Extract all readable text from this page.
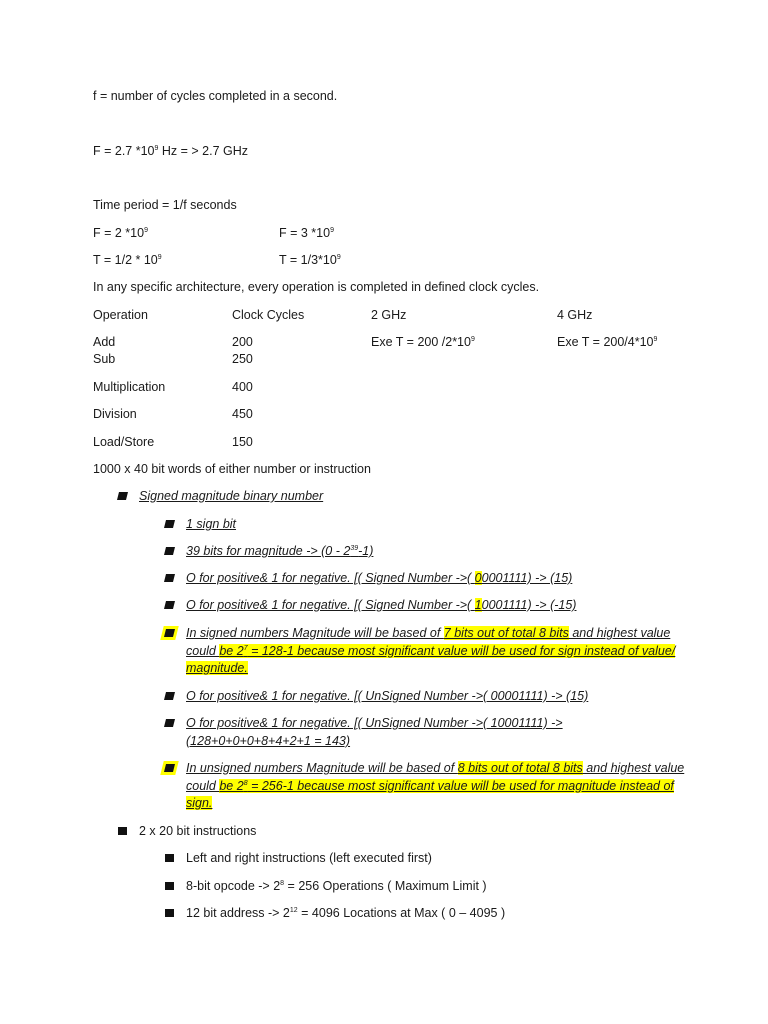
f = number of cycles completed in a second.
F = 2.7 $*10^9$ Hz = > 2.7 GHz
Time period = 1/f seconds
F = 2 $*10^9$	F = 3 $*10^9$
$T = 1/2 * 10^9$	$T = 1/3*10^9$
In any specific architecture, every operation is completed in defined clock cycles.
Operation	Clock Cycles	2 GHz	4 GHz
Add	200	Exe T = 200 $/2*10^9$	Exe $T = 200/4*10^9$
Sub	250
Multiplication	400
Division	450
Load/Store	150
1000 x 40 bit words of either number or instruction
Signed magnitude binary number
1 sign bit
39 bits for magnitude -> $(0 - 2^{39}-1)$
O for positive& 1 for negative. [( Signed Number ->( 00001111) -> (15)
O for positive& 1 for negative. [( Signed Number ->( 10001111) -> (-15)
In signed numbers Magnitude will be based of 7 bits out of total 8 bits and highest value could be $2^7 = 128-1$ because most significant value will be used for sign instead of value/ magnitude.
O for positive& 1 for negative. [( UnSigned Number ->( 00001111) -> (15)
O for positive& 1 for negative. [( UnSigned Number ->( 10001111) ->
(128+0+0+0+8+4+2+1 = 143)
In unsigned numbers Magnitude will be based of 8 bits out of total 8 bits and highest value could be $2^8 = 256-1$ because most significant value will be used for magnitude instead of sign.
2 x 20 bit instructions
Left and right instructions (left executed first)
8-bit opcode -> $2^8 = 256$ Operations ( Maximum Limit )
12 bit address -> $2^{12} = 4096$ Locations at Max ( 0 – 4095 )
